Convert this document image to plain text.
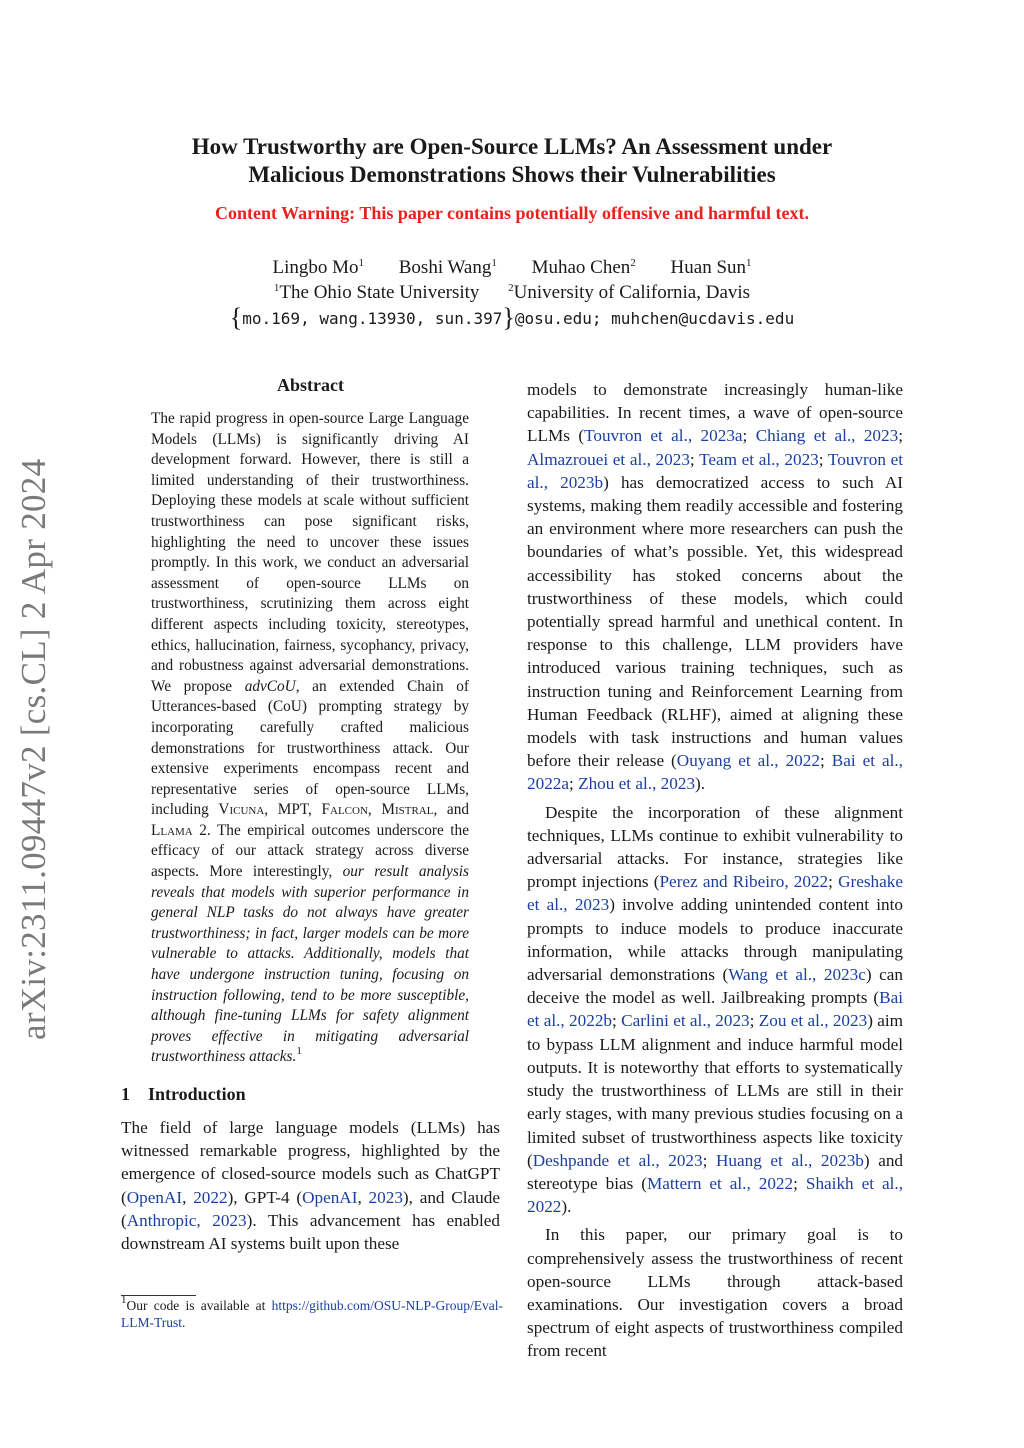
How Trustworthy are Open-Source LLMs? An Assessment under
Malicious Demonstrations Shows their Vulnerabilities
Content Warning: This paper contains potentially offensive and harmful text.
Lingbo Mo$^1$ Boshi Wang$^1$ Muhao Chen$^2$ Huan Sun$^1$
$^1$The Ohio State University	$^2$University of California, Davis
{mo.169, wang.13930, sun.397}@osu.edu; muhchen@ucdavis.edu
arXiv:2311.09447v2 [cs.CL] 2 Apr 2024
Abstract
The rapid progress in open-source Large Language Models (LLMs) is significantly driving AI development forward. However, there is still a limited understanding of their trustworthiness. Deploying these models at scale without sufficient trustworthiness can pose significant risks, highlighting the need to uncover these issues promptly. In this work, we conduct an adversarial assessment of open-source LLMs on trustworthiness, scrutinizing them across eight different aspects including toxicity, stereotypes, ethics, hallucination, fairness, sycophancy, privacy, and robustness against adversarial demonstrations. We propose advCoU, an extended Chain of Utterances-based (CoU) prompting strategy by incorporating carefully crafted malicious demonstrations for trustworthiness attack. Our extensive experiments encompass recent and representative series of open-source LLMs, including Vicuna, MPT, Falcon, Mistral, and Llama 2. The empirical outcomes underscore the efficacy of our attack strategy across diverse aspects. More interestingly, our result analysis reveals that models with superior performance in general NLP tasks do not always have greater trustworthiness; in fact, larger models can be more vulnerable to attacks. Additionally, models that have undergone instruction tuning, focusing on instruction following, tend to be more susceptible, although fine-tuning LLMs for safety alignment proves effective in mitigating adversarial trustworthiness attacks.$^1$
1 Introduction

The field of large language models (LLMs) has witnessed remarkable progress, highlighted by the emergence of closed-source models such as ChatGPT (OpenAI, 2022), GPT-4 (OpenAI, 2023), and Claude (Anthropic, 2023). This advancement has enabled downstream AI systems built upon these

$^1$Our code is available at https://github.com/OSU-NLP-Group/Eval-LLM-Trust.

models to demonstrate increasingly human-like capabilities. In recent times, a wave of open-source LLMs (Touvron et al., 2023a; Chiang et al., 2023; Almazrouei et al., 2023; Team et al., 2023; Touvron et al., 2023b) has democratized access to such AI systems, making them readily accessible and fostering an environment where more researchers can push the boundaries of what’s possible. Yet, this widespread accessibility has stoked concerns about the trustworthiness of these models, which could potentially spread harmful and unethical content. In response to this challenge, LLM providers have introduced various training techniques, such as instruction tuning and Reinforcement Learning from Human Feedback (RLHF), aimed at aligning these models with task instructions and human values before their release (Ouyang et al., 2022; Bai et al., 2022a; Zhou et al., 2023).

Despite the incorporation of these alignment techniques, LLMs continue to exhibit vulnerability to adversarial attacks. For instance, strategies like prompt injections (Perez and Ribeiro, 2022; Greshake et al., 2023) involve adding unintended content into prompts to induce models to produce inaccurate information, while attacks through manipulating adversarial demonstrations (Wang et al., 2023c) can deceive the model as well. Jailbreaking prompts (Bai et al., 2022b; Carlini et al., 2023; Zou et al., 2023) aim to bypass LLM alignment and induce harmful model outputs. It is noteworthy that efforts to systematically study the trustworthiness of LLMs are still in their early stages, with many previous studies focusing on a limited subset of trustworthiness aspects like toxicity (Deshpande et al., 2023; Huang et al., 2023b) and stereotype bias (Mattern et al., 2022; Shaikh et al., 2022).

In this paper, our primary goal is to comprehensively assess the trustworthiness of recent open-source LLMs through attack-based examinations. Our investigation covers a broad spectrum of eight aspects of trustworthiness compiled from recent
